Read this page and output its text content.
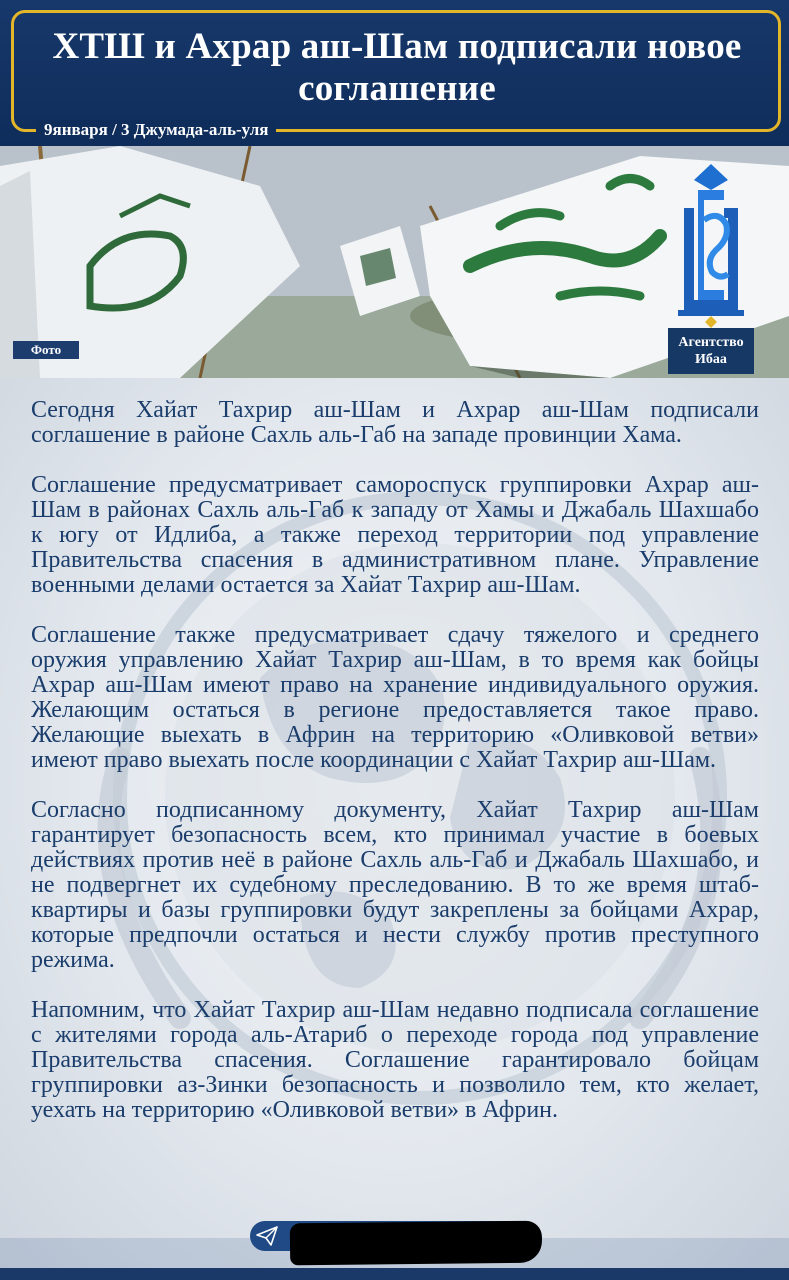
ХТШ и Ахрар аш-Шам подписали новое соглашение
9января / 3 Джумада-аль-уля
Фото	Агентство
Ибаа

Сегодня Хайат Тахрир аш-Шам и Ахрар аш-Шам подписали соглашение в районе Сахль аль-Габ на западе провинции Хама.

Соглашение предусматривает самороспуск группировки Ахрар аш-Шам в районах Сахль аль-Габ к западу от Хамы и Джабаль Шахшабо к югу от Идлиба, а также переход территории под управление Правительства спасения в административном плане. Управление военными делами остается за Хайат Тахрир аш-Шам.

Соглашение также предусматривает сдачу тяжелого и среднего оружия управлению Хайат Тахрир аш-Шам, в то время как бойцы Ахрар аш-Шам имеют право на хранение индивидуального оружия. Желающим остаться в регионе предоставляется такое право. Желающие выехать в Африн на территорию «Оливковой ветви» имеют право выехать после координации с Хайат Тахрир аш-Шам.

Согласно подписанному документу, Хайат Тахрир аш-Шам гарантирует безопасность всем, кто принимал участие в боевых действиях против неё в районе Сахль аль-Габ и Джабаль Шахшабо, и не подвергнет их судебному преследованию. В то же время штаб-квартиры и базы группировки будут закреплены за бойцами Ахрар, которые предпочли остаться и нести службу против преступного режима.

Напомним, что Хайат Тахрир аш-Шам недавно подписала соглашение с жителями города аль-Атариб о переходе города под управление Правительства спасения. Соглашение гарантировало бойцам группировки аз-Зинки безопасность и позволило тем, кто желает, уехать на территорию «Оливковой ветви» в Африн.
